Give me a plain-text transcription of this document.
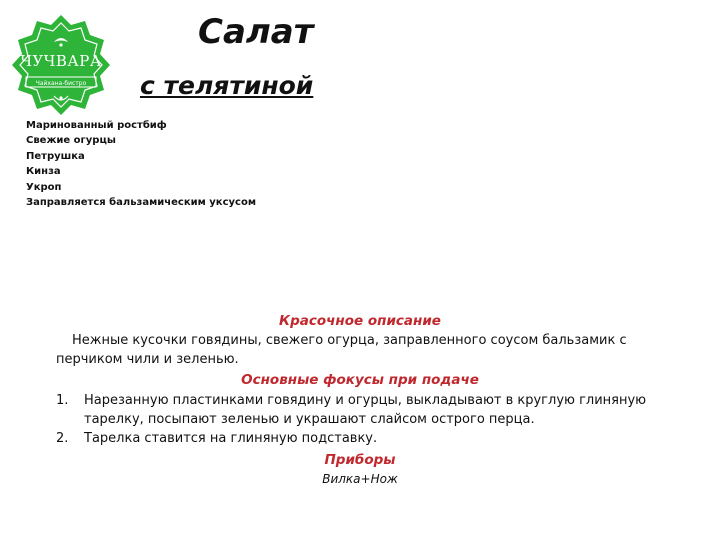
ЧУЧВАРА
Чайхана-бистро
Салат
с телятиной
Маринованный ростбиф
Свежие огурцы
Петрушка
Кинза
Укроп
Заправляется бальзамическим уксусом
Красочное описание

Нежные кусочки говядины, свежего огурца, заправленного соусом бальзамик с перчиком чили и зеленью.

Основные фокусы при подаче
1. Нарезанную пластинками говядину и огурцы, выкладывают в круглую глиняную тарелку, посыпают зеленью и украшают слайсом острого перца.
2. Тарелка ставится на глиняную подставку.
Приборы

Вилка+Нож
